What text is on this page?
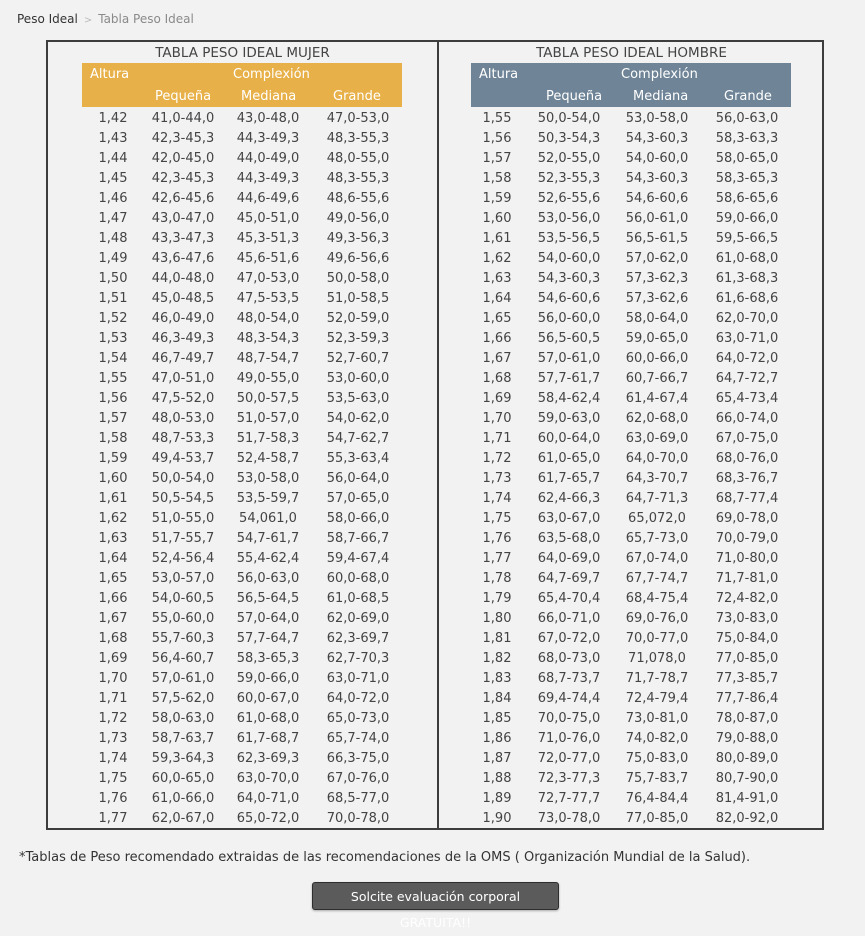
Peso Ideal > Tabla Peso Ideal
TABLA PESO IDEAL MUJER
Altura	Complexión
Pequeña Mediana	Grande
1,42	41,0-44,0 43,0-48,0	47,0-53,0
1,43	42,3-45,3 44,3-49,3	48,3-55,3
1,44	42,0-45,0 44,0-49,0	48,0-55,0
1,45	42,3-45,3 44,3-49,3	48,3-55,3
1,46	42,6-45,6 44,6-49,6	48,6-55,6
1,47	43,0-47,0 45,0-51,0	49,0-56,0
1,48	43,3-47,3 45,3-51,3	49,3-56,3
1,49	43,6-47,6 45,6-51,6	49,6-56,6
1,50	44,0-48,0 47,0-53,0	50,0-58,0
1,51	45,0-48,5 47,5-53,5	51,0-58,5
1,52	46,0-49,0 48,0-54,0	52,0-59,0
1,53	46,3-49,3 48,3-54,3	52,3-59,3
1,54	46,7-49,7 48,7-54,7	52,7-60,7
1,55	47,0-51,0 49,0-55,0	53,0-60,0
1,56	47,5-52,0 50,0-57,5	53,5-63,0
1,57	48,0-53,0 51,0-57,0	54,0-62,0
1,58	48,7-53,3 51,7-58,3	54,7-62,7
1,59	49,4-53,7 52,4-58,7	55,3-63,4
1,60	50,0-54,0 53,0-58,0	56,0-64,0
1,61	50,5-54,5 53,5-59,7	57,0-65,0
1,62	51,0-55,0	54,061,0	58,0-66,0
1,63	51,7-55,7 54,7-61,7	58,7-66,7
1,64	52,4-56,4 55,4-62,4	59,4-67,4
1,65	53,0-57,0 56,0-63,0	60,0-68,0
1,66	54,0-60,5 56,5-64,5	61,0-68,5
1,67	55,0-60,0 57,0-64,0	62,0-69,0
1,68	55,7-60,3 57,7-64,7	62,3-69,7
1,69	56,4-60,7 58,3-65,3	62,7-70,3
1,70	57,0-61,0 59,0-66,0	63,0-71,0
1,71	57,5-62,0 60,0-67,0	64,0-72,0
1,72	58,0-63,0 61,0-68,0	65,0-73,0
1,73	58,7-63,7 61,7-68,7	65,7-74,0
1,74	59,3-64,3 62,3-69,3	66,3-75,0
1,75	60,0-65,0 63,0-70,0	67,0-76,0
1,76	61,0-66,0 64,0-71,0	68,5-77,0
1,77	62,0-67,0 65,0-72,0	70,0-78,0
TABLA PESO IDEAL HOMBRE
Altura	Complexión
Pequeña Mediana	Grande
1,55	50,0-54,0	53,0-58,0	56,0-63,0
1,56	50,3-54,3	54,3-60,3	58,3-63,3
1,57	52,0-55,0	54,0-60,0	58,0-65,0
1,58	52,3-55,3	54,3-60,3	58,3-65,3
1,59	52,6-55,6	54,6-60,6	58,6-65,6
1,60	53,0-56,0	56,0-61,0	59,0-66,0
1,61	53,5-56,5	56,5-61,5	59,5-66,5
1,62	54,0-60,0	57,0-62,0	61,0-68,0
1,63	54,3-60,3	57,3-62,3	61,3-68,3
1,64	54,6-60,6	57,3-62,6	61,6-68,6
1,65	56,0-60,0	58,0-64,0	62,0-70,0
1,66	56,5-60,5	59,0-65,0	63,0-71,0
1,67	57,0-61,0	60,0-66,0	64,0-72,0
1,68	57,7-61,7	60,7-66,7	64,7-72,7
1,69	58,4-62,4	61,4-67,4	65,4-73,4
1,70	59,0-63,0	62,0-68,0	66,0-74,0
1,71	60,0-64,0	63,0-69,0	67,0-75,0
1,72	61,0-65,0	64,0-70,0	68,0-76,0
1,73	61,7-65,7	64,3-70,7	68,3-76,7
1,74	62,4-66,3	64,7-71,3	68,7-77,4
1,75	63,0-67,0	65,072,0	69,0-78,0
1,76	63,5-68,0	65,7-73,0	70,0-79,0
1,77	64,0-69,0	67,0-74,0	71,0-80,0
1,78	64,7-69,7	67,7-74,7	71,7-81,0
1,79	65,4-70,4	68,4-75,4	72,4-82,0
1,80	66,0-71,0	69,0-76,0	73,0-83,0
1,81	67,0-72,0	70,0-77,0	75,0-84,0
1,82	68,0-73,0	71,078,0	77,0-85,0
1,83	68,7-73,7	71,7-78,7	77,3-85,7
1,84	69,4-74,4	72,4-79,4	77,7-86,4
1,85	70,0-75,0	73,0-81,0	78,0-87,0
1,86	71,0-76,0	74,0-82,0	79,0-88,0
1,87	72,0-77,0	75,0-83,0	80,0-89,0
1,88	72,3-77,3	75,7-83,7	80,7-90,0
1,89	72,7-77,7	76,4-84,4	81,4-91,0
1,90	73,0-78,0	77,0-85,0	82,0-92,0
*Tablas de Peso recomendado extraidas de las recomendaciones de la OMS ( Organización Mundial de la Salud).
Solcite evaluación corporal GRATUITA!!
